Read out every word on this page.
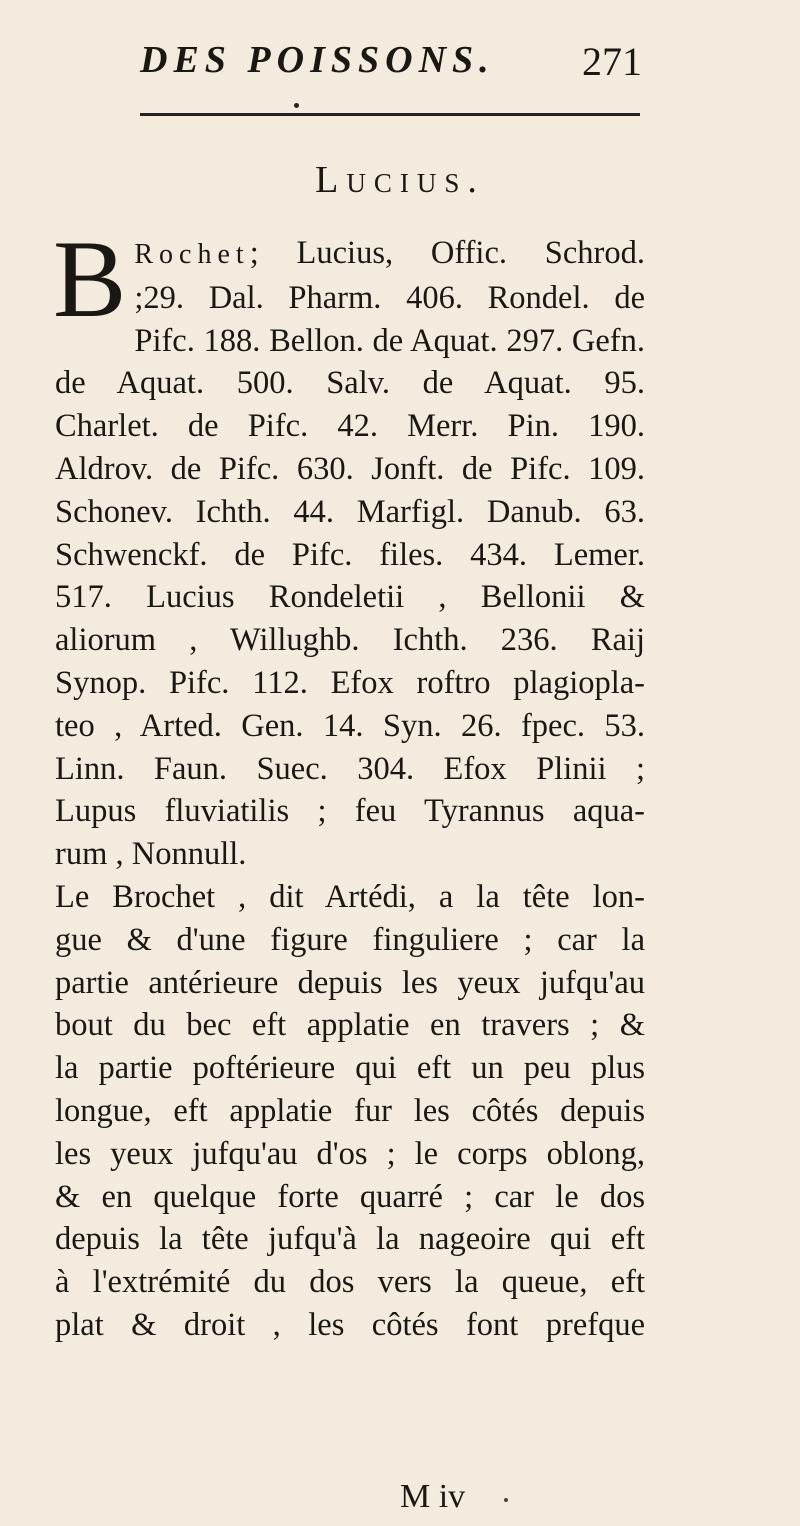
DES POISSONS. 271
Lucius.
B Rochet; Lucius, Offic. Schrod.
;29. Dal. Pharm. 406. Rondel. de
Pifc. 188. Bellon. de Aquat. 297. Gefn.
de Aquat. 500. Salv. de Aquat. 95.
Charlet. de Pifc. 42. Merr. Pin. 190.
Aldrov. de Pifc. 630. Jonft. de Pifc. 109.
Schonev. Ichth. 44. Marfigl. Danub. 63.
Schwenckf. de Pifc. files. 434. Lemer.
517. Lucius Rondeletii , Bellonii &
aliorum , Willughb. Ichth. 236. Raij
Synop. Pifc. 112. Efox roftro plagiopla-
teo , Arted. Gen. 14. Syn. 26. fpec. 53.
Linn. Faun. Suec. 304. Efox Plinii ;
Lupus fluviatilis ; feu Tyrannus aqua-
rum , Nonnull.
Le Brochet , dit Artédi, a la tête lon-
gue & d'une figure finguliere ; car la
partie antérieure depuis les yeux jufqu'au
bout du bec eft applatie en travers ; &
la partie poftérieure qui eft un peu plus
longue, eft applatie fur les côtés depuis
les yeux jufqu'au d'os ; le corps oblong,
& en quelque forte quarré ; car le dos
depuis la tête jufqu'à la nageoire qui eft
à l'extrémité du dos vers la queue, eft
plat & droit , les côtés font prefque
M iv
